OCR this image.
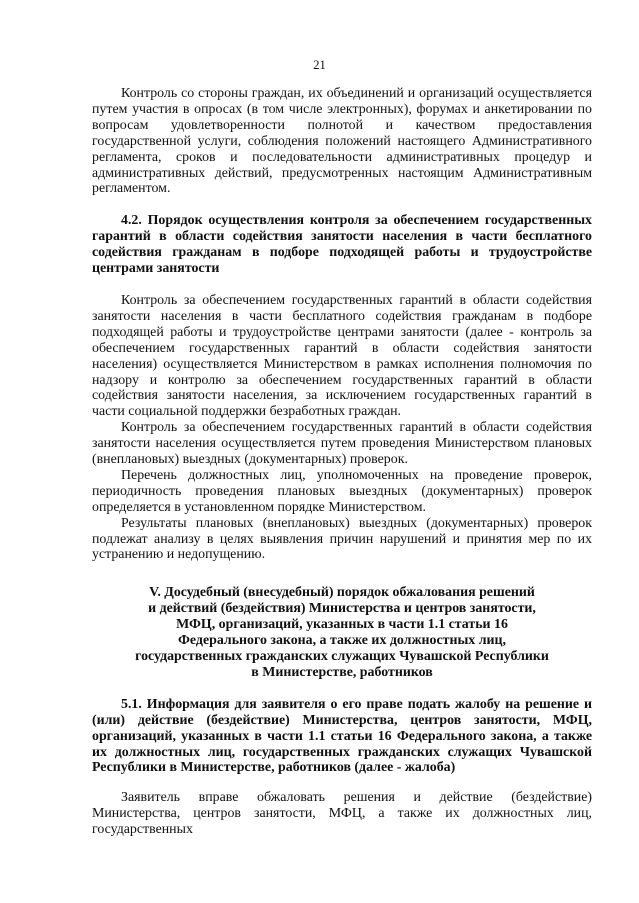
21

Контроль со стороны граждан, их объединений и организаций осуществляется путем участия в опросах (в том числе электронных), форумах и анкетировании по вопросам удовлетворенности полнотой и качеством предоставления государственной услуги, соблюдения положений настоящего Административного регламента, сроков и последовательности административных процедур и административных действий, предусмотренных настоящим Административным регламентом.

4.2. Порядок осуществления контроля за обеспечением государственных гарантий в области содействия занятости населения в части бесплатного содействия гражданам в подборе подходящей работы и трудоустройстве центрами занятости

Контроль за обеспечением государственных гарантий в области содействия занятости населения в части бесплатного содействия гражданам в подборе подходящей работы и трудоустройстве центрами занятости (далее - контроль за обеспечением государственных гарантий в области содействия занятости населения) осуществляется Министерством в рамках исполнения полномочия по надзору и контролю за обеспечением государственных гарантий в области содействия занятости населения, за исключением государственных гарантий в части социальной поддержки безработных граждан.

Контроль за обеспечением государственных гарантий в области содействия занятости населения осуществляется путем проведения Министерством плановых (внеплановых) выездных (документарных) проверок.

Перечень должностных лиц, уполномоченных на проведение проверок, периодичность проведения плановых выездных (документарных) проверок определяется в установленном порядке Министерством.

Результаты плановых (внеплановых) выездных (документарных) проверок подлежат анализу в целях выявления причин нарушений и принятия мер по их устранению и недопущению.

V. Досудебный (внесудебный) порядок обжалования решений

и действий (бездействия) Министерства и центров занятости,

МФЦ, организаций, указанных в части 1.1 статьи 16

Федерального закона, а также их должностных лиц,

государственных гражданских служащих Чувашской Республики

в Министерстве, работников

5.1. Информация для заявителя о его праве подать жалобу на решение и (или) действие (бездействие) Министерства, центров занятости, МФЦ, организаций, указанных в части 1.1 статьи 16 Федерального закона, а также их должностных лиц, государственных гражданских служащих Чувашской Республики в Министерстве, работников (далее - жалоба)

Заявитель вправе обжаловать решения и действие (бездействие) Министерства, центров занятости, МФЦ, а также их должностных лиц, государственных
